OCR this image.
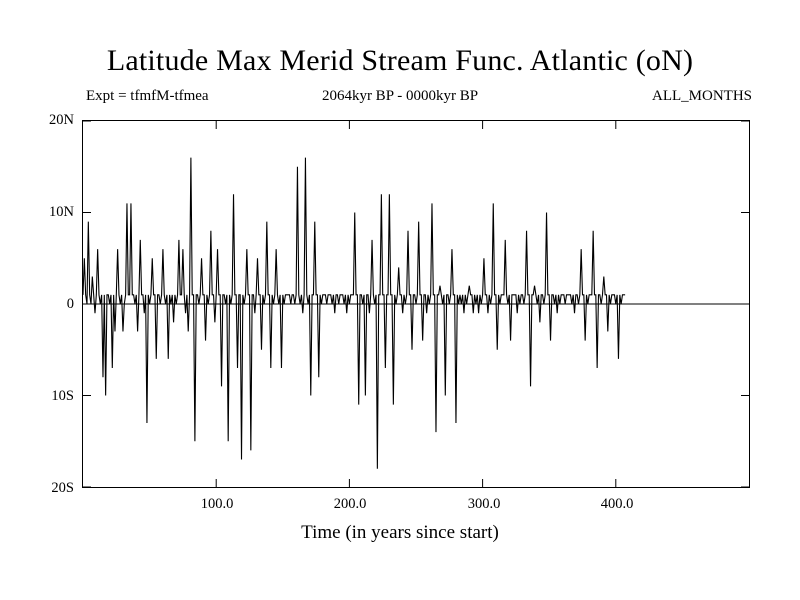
Latitude Max Merid Stream Func. Atlantic (oN)
Expt = tfmfM-tfmea	2064kyr BP - 0000kyr BP	ALL_MONTHS
20N
10N
0
10S
20S
100.0	200.0	300.0	400.0
Time (in years since start)
